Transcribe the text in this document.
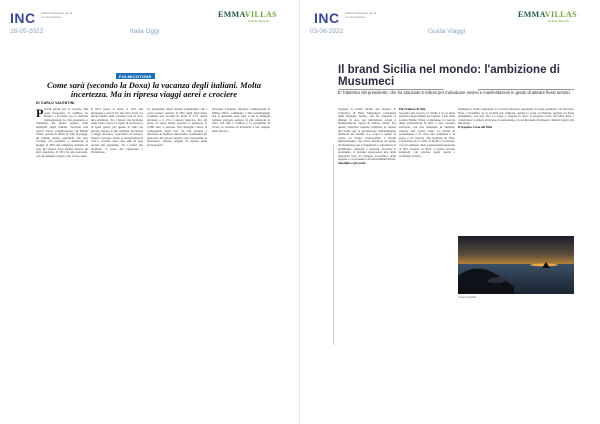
INC Istituto Nazionale per la Comunicazione	EMMAVILLAS
Holiday Rentals
28-05-2022	Italia Oggi
INC Istituto Nazionale per la Comunicazione	EMMAVILLAS
Holiday Rentals
03-06-2022	Guida Viaggi
FULMICOTONE
Come sarà (secondo la Doxa) la vacanza degli italiani. Molta incertezza. Ma in ripresa viaggi aerei e crociere
DI CARLO VALENTINI
P Pochi giorni per le vacanze. Ma resta incertezza. Il conflitto tra Russia e Ucraina con le tensioni internazionali, la crisi energetica e l'aumento dei prezzi pesano sulle decisioni degli italiani. Secondo una ricerca Doxa commissionata da Emma Villas, portale di affitti di ville di pregio, gli italiani stanno pensando alle loro vacanze con prudenza e attenzione al budget. Il 38% del campione dichiara di aver già deciso dove andare mentre gli altri aspettano. Il 34% ha già prenotato, con un aumento rispetto allo scorso anno.
Il 64% pensa al mare, il 19% alla montagna e solo il 9% alle città d'arte. La durata media delle vacanze sarà di circa una settimana. Tra i fattori che incidono sulla scelta cresce la voglia di sicurezza e di spazi aperti, per questo le ville con piscina restano le più richieste. In ripresa i viaggi all'estero, soprattutto in Europa, mentre crescono anche le prenotazioni di voli e crociere dopo due anni di stop dovuti alla pandemia. Tra i fattori che incidono: il costo del carburante e l'inflazione.
Le preferenze degli italiani evidenziano che i costi restano centrali. Il 58% degli intervistati sceglierà una località in Italia, il 27% andrà all'estero e il 15% è ancora indeciso. Per chi parte, la spesa media prevista è superiore ai 1.000 euro a persona. Nel dettaglio cresce la componente degli over 55, che tornano a muoversi in maniera importante. Soddisfatti gli operatori del settore turistico che, nonostante le incertezze, vedono segnali di ripresa nelle prenotazioni.
Giacomo Cattaneo, direttore commerciale di Emma Villas, commenta i dati sottolineando che la domanda resta forte e che le famiglie italiane scelgono sempre di più soluzioni in villa, con tutti i comfort e la possibilità di vivere la vacanza in sicurezza e nel rispetto della privacy.
Il brand Sicilia nel mondo: l'ambizione di Musumeci

E' l'obiettivo del presidente, che ha stanziato 6 milioni per individuare ossevi e manifestazioni in grado di attirare flussi turistici

Sognare il brand Sicilia nel mondo. È l'obiettivo di Nello Musumeci, presidente della Regione Sicilia, che ha stanziato 6 milioni di euro per individuare eventi e manifestazioni capaci di attirare turisti. Per questo obiettivo saranno utilizzati le risorse del fondo per la promozione dell'immagine dell'isola nel mondo. Lo scopo è quello di creare un brand riconoscibile a livello internazionale, che possa diventare un punto di riferimento per i viaggiatori e valorizzare il patrimonio culturale e naturale. Secondo il presidente, il turismo rappresenta una delle principali leve di sviluppo economico della regione e va sostenuto con investimenti mirati.
Sinofiglia e gli eventi
Più richiesta di ville
Secondo una ricerca, la Sicilia è tra le mete preferite dagli italiani per l'estate. I dati della società Emma Villas confermano la crescita delle prenotazioni di ville e case vacanza sull'isola, con una domanda in aumento rispetto allo scorso anno. La media di permanenza è di circa una settimana e la spesa è in crescita. Più richiesta di ville. L'interesse per le ville in Sicilia è cresciuto, con un aumento delle prenotazioni superiore al 30% rispetto al 2021. I turisti cercano soluzioni con piscina, spazi aperti e vicinanza al mare.
Tendenze e livello regionale. La crescita interessa soprattutto la costa orientale, con Siracusa, Noto e Taormina tra le località più richieste. Anche la costa occidentale registra un buon andamento, con San Vito Lo Capo e Trapani in testa. Il progetto Costa del Mito mira a valorizzare i territori attraverso la narrazione e la promozione di itinerari culturali legati alla mitologia.
Il progetto Costa del Mito
Il mare di Sicilia
